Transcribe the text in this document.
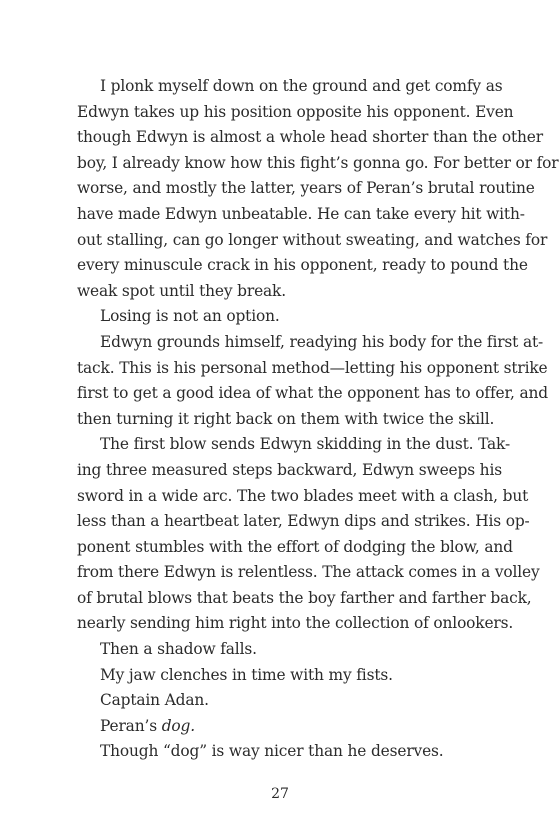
I plonk myself down on the ground and get comfy as
Edwyn takes up his position opposite his opponent. Even
though Edwyn is almost a whole head shorter than the other
boy, I already know how this fight’s gonna go. For better or for
worse, and mostly the latter, years of Peran’s brutal routine
have made Edwyn unbeatable. He can take every hit with-
out stalling, can go longer without sweating, and watches for
every minuscule crack in his opponent, ready to pound the
weak spot until they break.
Losing is not an option.
Edwyn grounds himself, readying his body for the first at-
tack. This is his personal method—letting his opponent strike
first to get a good idea of what the opponent has to offer, and
then turning it right back on them with twice the skill.
The first blow sends Edwyn skidding in the dust. Tak-
ing three measured steps backward, Edwyn sweeps his
sword in a wide arc. The two blades meet with a clash, but
less than a heartbeat later, Edwyn dips and strikes. His op-
ponent stumbles with the effort of dodging the blow, and
from there Edwyn is relentless. The attack comes in a volley
of brutal blows that beats the boy farther and farther back,
nearly sending him right into the collection of onlookers.
Then a shadow falls.
My jaw clenches in time with my fists.
Captain Adan.
Peran’s dog.
Though “dog” is way nicer than he deserves.
27
